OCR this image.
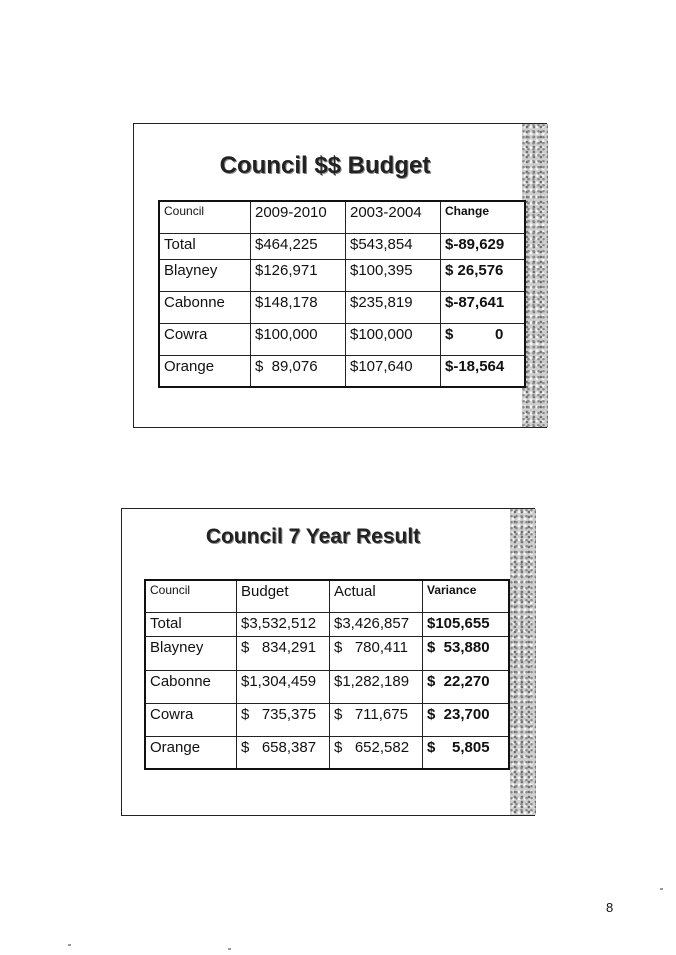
Council $$ Budget
Council	2009-2010	2003-2004	Change
Total	$464,225	$543,854	$-89,629
Blayney	$126,971	$100,395	$ 26,576
Cabonne	$148,178	$235,819	$-87,641
Cowra	$100,000	$100,000	$          0
Orange	$  89,076	$107,640	$-18,564
Council 7 Year Result
Council	Budget	Actual	Variance
Total	$3,532,512	$3,426,857	$105,655
Blayney	$   834,291	$   780,411	$  53,880
Cabonne	$1,304,459	$1,282,189	$  22,270
Cowra	$   735,375	$   711,675	$  23,700
Orange	$   658,387	$   652,582	$    5,805
8
